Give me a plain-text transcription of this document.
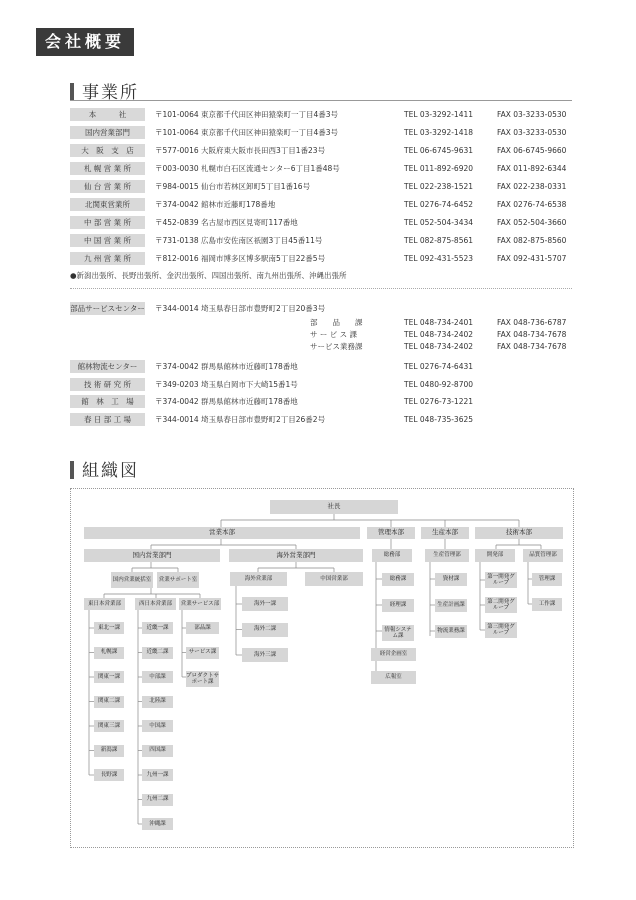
会社概要
事業所
本　　　社	〒101-0064 東京都千代田区神田猿楽町一丁目4番3号	TEL 03-3292-1411	FAX 03-3233-0530
国内営業部門	〒101-0064 東京都千代田区神田猿楽町一丁目4番3号	TEL 03-3292-1418	FAX 03-3233-0530
大　阪　支　店	〒577-0016 大阪府東大阪市長田西3丁目1番23号	TEL 06-6745-9631	FAX 06-6745-9660
札 幌 営 業 所	〒003-0030 札幌市白石区流通センター6丁目1番48号	TEL 011-892-6920	FAX 011-892-6344
仙 台 営 業 所	〒984-0015 仙台市若林区卸町5丁目1番16号	TEL 022-238-1521	FAX 022-238-0331
北関東営業所	〒374-0042 館林市近藤町178番地	TEL 0276-74-6452	FAX 0276-74-6538
中 部 営 業 所	〒452-0839 名古屋市西区見寄町117番地	TEL 052-504-3434	FAX 052-504-3660
中 国 営 業 所	〒731-0138 広島市安佐南区祇園3丁目45番11号	TEL 082-875-8561	FAX 082-875-8560
九 州 営 業 所	〒812-0016 福岡市博多区博多駅南5丁目22番5号	TEL 092-431-5523	FAX 092-431-5707
●新潟出張所、長野出張所、金沢出張所、四国出張所、南九州出張所、沖縄出張所
部品サービスセンター 〒344-0014 埼玉県春日部市豊野町2丁目20番3号
部　　品　　課	TEL 048-734-2401	FAX 048-736-6787
サ ー ビ ス 課	TEL 048-734-2402	FAX 048-734-7678
サービス業務課	TEL 048-734-2402	FAX 048-734-7678
館林物流センター	〒374-0042 群馬県館林市近藤町178番地	TEL 0276-74-6431
技 術 研 究 所	〒349-0203 埼玉県白岡市下大崎15番1号	TEL 0480-92-8700
館　林　工　場	〒374-0042 群馬県館林市近藤町178番地	TEL 0276-73-1221
春 日 部 工 場	〒344-0014 埼玉県春日部市豊野町2丁目26番2号	TEL 048-735-3625
組織図
社長
営業本部	管理本部	生産本部	技術本部
国内営業部門	海外営業部門
国内営業統括室	営業サポート室
東日本営業部	西日本営業部	営業サービス部
東北一課
札幌課
関東一課
関東二課
関東三課
新潟課
長野課
近畿一課
近畿二課
中部課
北陸課
中国課
四国課
九州一課
九州二課
沖縄課
部品課
サービス課
プロダクトサポート課
海外営業部	中国営業部
海外一課
海外二課
海外三課
総務部
総務課
経理課
情報システム課
経営企画室
広報室
生産管理部
資材課
生産計画課
物流業務課
開発部	品質管理部
第一開発グループ
第二開発グループ
第三開発グループ
管理課
工作課
